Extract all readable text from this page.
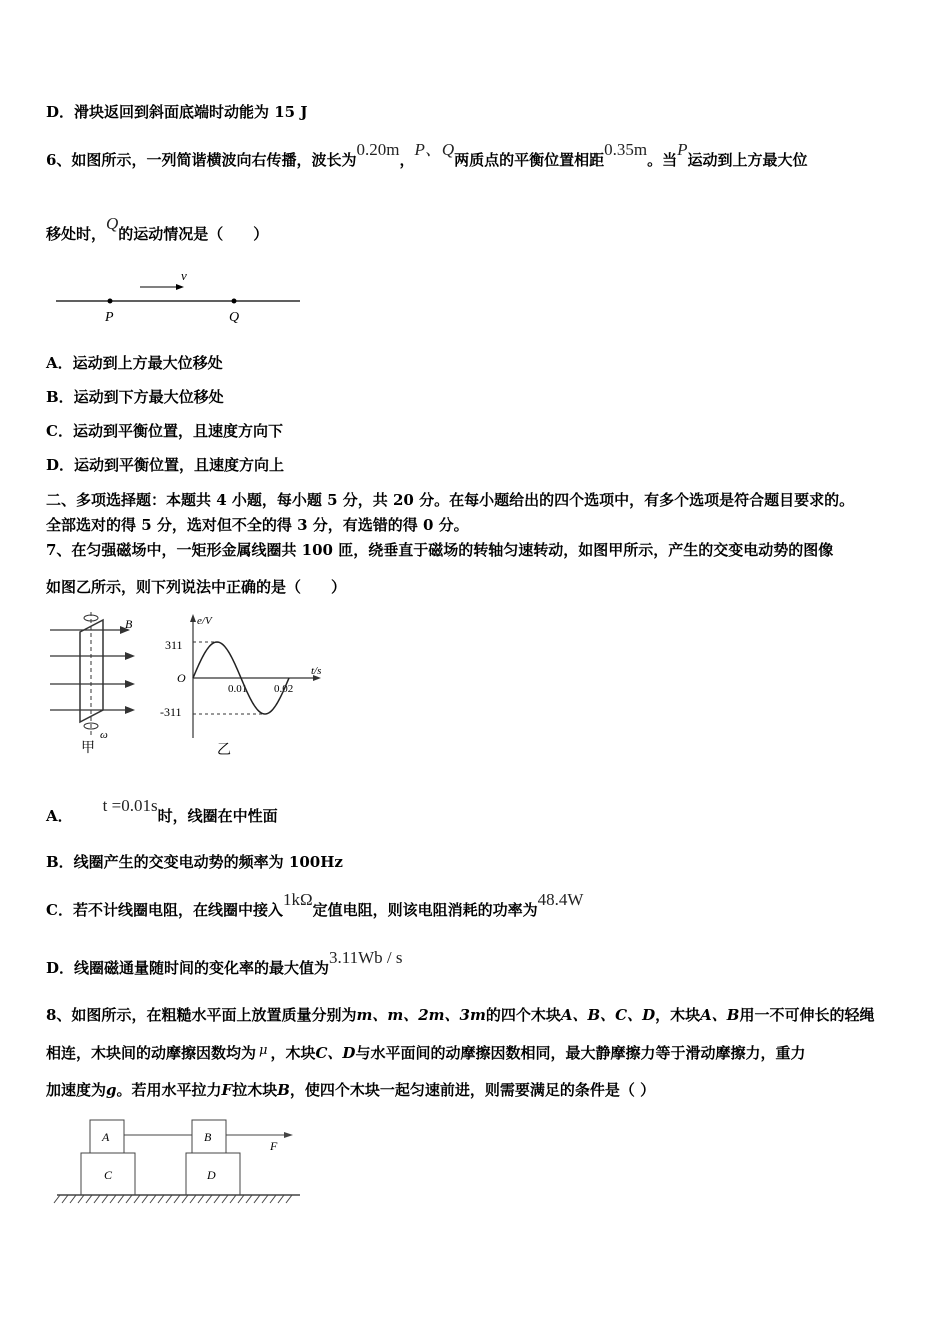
D．滑块返回到斜面底端时动能为 15 J
6、如图所示，一列简谐横波向右传播，波长为0.20m，P、Q两质点的平衡位置相距0.35m。当P运动到上方最大位
移处时，Q的运动情况是（　　）
v
P	Q
A．运动到上方最大位移处
B．运动到下方最大位移处
C．运动到平衡位置，且速度方向下
D．运动到平衡位置，且速度方向上
二、多项选择题：本题共 4 小题，每小题 5 分，共 20 分。在每小题给出的四个选项中，有多个选项是符合题目要求的。
全部选对的得 5 分，选对但不全的得 3 分，有选错的得 0 分。
7、在匀强磁场中，一矩形金属线圈共 100 匝，绕垂直于磁场的转轴匀速转动，如图甲所示，产生的交变电动势的图像
如图乙所示，则下列说法中正确的是（　　）
B
ω
甲
e/V
t/s
O
311
-311
0.01 0.02
乙
A．t =0.01s时，线圈在中性面
B．线圈产生的交变电动势的频率为 100Hz
C．若不计线圈电阻，在线圈中接入1kΩ定值电阻，则该电阻消耗的功率为48.4W
D．线圈磁通量随时间的变化率的最大值为3.11Wb / s
8、如图所示，在粗糙水平面上放置质量分别为m、m、2m、3m的四个木块A、B、C、D，木块A、B用一不可伸长的轻绳
相连，木块间的动摩擦因数均为 μ ，木块C、D与水平面间的动摩擦因数相同，最大静摩擦力等于滑动摩擦力，重力
加速度为g。若用水平拉力F拉木块B，使四个木块一起匀速前进，则需要满足的条件是（ ）
A
C
B
D
F
